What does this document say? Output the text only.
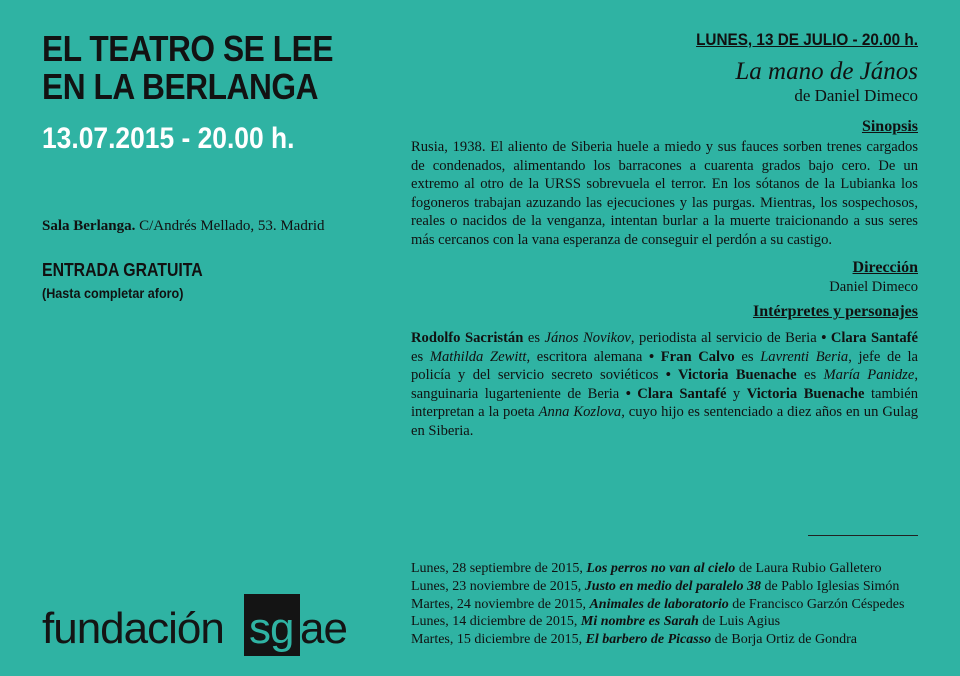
EL TEATRO SE LEE
EN LA BERLANGA
13.07.2015 - 20.00 h.
Sala Berlanga. C/Andrés Mellado, 53. Madrid
ENTRADA GRATUITA
(Hasta completar aforo)
fundación sg ae
LUNES, 13 DE JULIO - 20.00 h.
La mano de János
de Daniel Dimeco
Sinopsis
Rusia, 1938. El aliento de Siberia huele a miedo y sus fauces sorben trenes cargados de condenados, alimentando los barracones a cuarenta grados bajo cero. De un extremo al otro de la URSS sobrevuela el terror. En los sótanos de la Lubianka los fogoneros trabajan azuzando las ejecuciones y las purgas. Mientras, los sospechosos, reales o nacidos de la venganza, intentan burlar a la muerte traicionando a sus seres más cercanos con la vana esperanza de conseguir el perdón a su castigo.
Dirección
Daniel Dimeco
Intérpretes y personajes
Rodolfo Sacristán es János Novikov, periodista al servicio de Beria • Clara Santafé es Mathilda Zewitt, escritora alemana • Fran Calvo es Lavrenti Beria, jefe de la policía y del servicio secreto soviéticos • Victoria Buenache es María Panidze, sanguinaria lugarteniente de Beria • Clara Santafé y Victoria Buenache también interpretan a la poeta Anna Kozlova, cuyo hijo es sentenciado a diez años en un Gulag en Siberia.
Lunes, 28 septiembre de 2015, Los perros no van al cielo de Laura Rubio Galletero
Lunes, 23 noviembre de 2015, Justo en medio del paralelo 38 de Pablo Iglesias Simón
Martes, 24 noviembre de 2015, Animales de laboratorio de Francisco Garzón Céspedes
Lunes, 14 diciembre de 2015, Mi nombre es Sarah de Luis Agius
Martes, 15 diciembre de 2015, El barbero de Picasso de Borja Ortiz de Gondra
